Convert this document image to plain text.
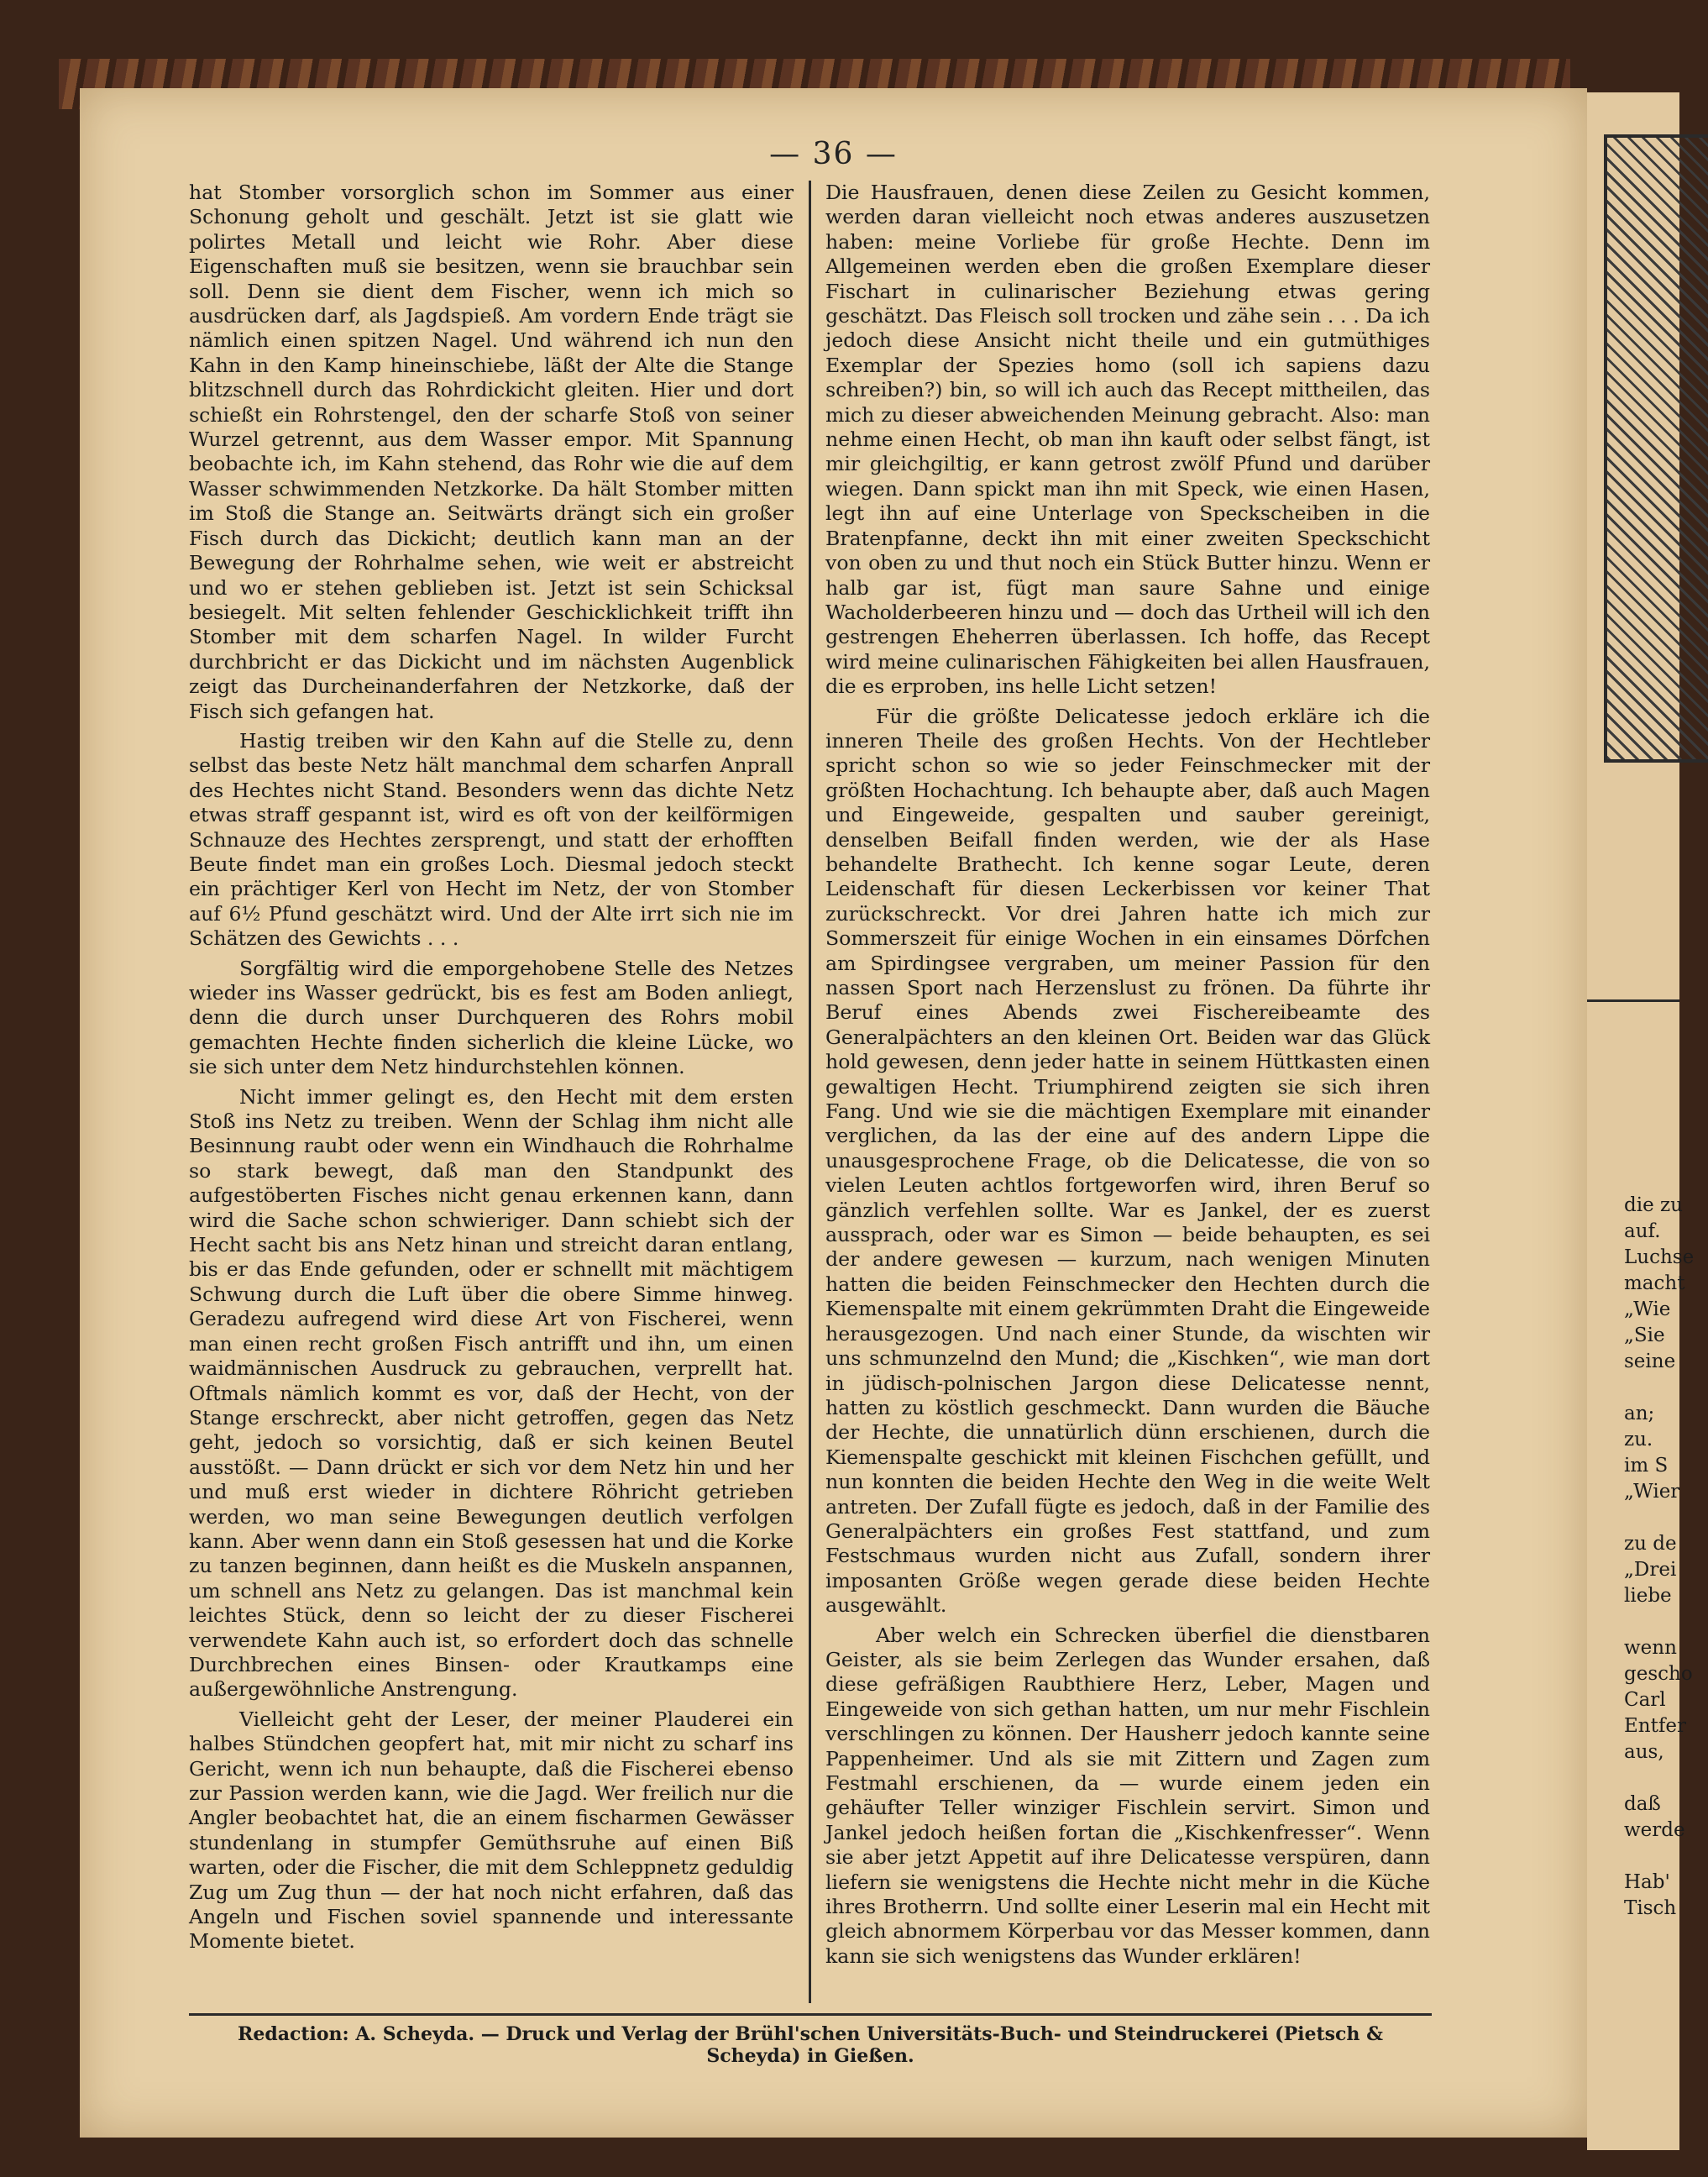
— 36 —

hat Stomber vorsorglich schon im Sommer aus einer Schonung geholt und geschält. Jetzt ist sie glatt wie polirtes Metall und leicht wie Rohr. Aber diese Eigenschaften muß sie besitzen, wenn sie brauchbar sein soll. Denn sie dient dem Fischer, wenn ich mich so ausdrücken darf, als Jagdspieß. Am vordern Ende trägt sie nämlich einen spitzen Nagel. Und während ich nun den Kahn in den Kamp hineinschiebe, läßt der Alte die Stange blitzschnell durch das Rohrdickicht gleiten. Hier und dort schießt ein Rohrstengel, den der scharfe Stoß von seiner Wurzel getrennt, aus dem Wasser empor. Mit Spannung beobachte ich, im Kahn stehend, das Rohr wie die auf dem Wasser schwimmenden Netzkorke. Da hält Stomber mitten im Stoß die Stange an. Seitwärts drängt sich ein großer Fisch durch das Dickicht; deutlich kann man an der Bewegung der Rohrhalme sehen, wie weit er abstreicht und wo er stehen geblieben ist. Jetzt ist sein Schicksal besiegelt. Mit selten fehlender Geschicklichkeit trifft ihn Stomber mit dem scharfen Nagel. In wilder Furcht durchbricht er das Dickicht und im nächsten Augenblick zeigt das Durcheinanderfahren der Netzkorke, daß der Fisch sich gefangen hat.

Hastig treiben wir den Kahn auf die Stelle zu, denn selbst das beste Netz hält manchmal dem scharfen Anprall des Hechtes nicht Stand. Besonders wenn das dichte Netz etwas straff gespannt ist, wird es oft von der keilförmigen Schnauze des Hechtes zersprengt, und statt der erhofften Beute findet man ein großes Loch. Diesmal jedoch steckt ein prächtiger Kerl von Hecht im Netz, der von Stomber auf 6½ Pfund geschätzt wird. Und der Alte irrt sich nie im Schätzen des Gewichts . . .

Sorgfältig wird die emporgehobene Stelle des Netzes wieder ins Wasser gedrückt, bis es fest am Boden anliegt, denn die durch unser Durchqueren des Rohrs mobil gemachten Hechte finden sicherlich die kleine Lücke, wo sie sich unter dem Netz hindurchstehlen können.

Nicht immer gelingt es, den Hecht mit dem ersten Stoß ins Netz zu treiben. Wenn der Schlag ihm nicht alle Besinnung raubt oder wenn ein Windhauch die Rohrhalme so stark bewegt, daß man den Standpunkt des aufgestöberten Fisches nicht genau erkennen kann, dann wird die Sache schon schwieriger. Dann schiebt sich der Hecht sacht bis ans Netz hinan und streicht daran entlang, bis er das Ende gefunden, oder er schnellt mit mächtigem Schwung durch die Luft über die obere Simme hinweg. Geradezu aufregend wird diese Art von Fischerei, wenn man einen recht großen Fisch antrifft und ihn, um einen waidmännischen Ausdruck zu gebrauchen, verprellt hat. Oftmals nämlich kommt es vor, daß der Hecht, von der Stange erschreckt, aber nicht getroffen, gegen das Netz geht, jedoch so vorsichtig, daß er sich keinen Beutel ausstößt. — Dann drückt er sich vor dem Netz hin und her und muß erst wieder in dichtere Röhricht getrieben werden, wo man seine Bewegungen deutlich verfolgen kann. Aber wenn dann ein Stoß gesessen hat und die Korke zu tanzen beginnen, dann heißt es die Muskeln anspannen, um schnell ans Netz zu gelangen. Das ist manchmal kein leichtes Stück, denn so leicht der zu dieser Fischerei verwendete Kahn auch ist, so erfordert doch das schnelle Durchbrechen eines Binsen- oder Krautkamps eine außergewöhnliche Anstrengung.

Vielleicht geht der Leser, der meiner Plauderei ein halbes Stündchen geopfert hat, mit mir nicht zu scharf ins Gericht, wenn ich nun behaupte, daß die Fischerei ebenso zur Passion werden kann, wie die Jagd. Wer freilich nur die Angler beobachtet hat, die an einem fischarmen Gewässer stundenlang in stumpfer Gemüthsruhe auf einen Biß warten, oder die Fischer, die mit dem Schleppnetz geduldig Zug um Zug thun — der hat noch nicht erfahren, daß das Angeln und Fischen soviel spannende und interessante Momente bietet.

Die Hausfrauen, denen diese Zeilen zu Gesicht kommen, werden daran vielleicht noch etwas anderes auszusetzen haben: meine Vorliebe für große Hechte. Denn im Allgemeinen werden eben die großen Exemplare dieser Fischart in culinarischer Beziehung etwas gering geschätzt. Das Fleisch soll trocken und zähe sein . . . Da ich jedoch diese Ansicht nicht theile und ein gutmüthiges Exemplar der Spezies homo (soll ich sapiens dazu schreiben?) bin, so will ich auch das Recept mittheilen, das mich zu dieser abweichenden Meinung gebracht. Also: man nehme einen Hecht, ob man ihn kauft oder selbst fängt, ist mir gleichgiltig, er kann getrost zwölf Pfund und darüber wiegen. Dann spickt man ihn mit Speck, wie einen Hasen, legt ihn auf eine Unterlage von Speckscheiben in die Bratenpfanne, deckt ihn mit einer zweiten Speckschicht von oben zu und thut noch ein Stück Butter hinzu. Wenn er halb gar ist, fügt man saure Sahne und einige Wacholderbeeren hinzu und — doch das Urtheil will ich den gestrengen Eheherren überlassen. Ich hoffe, das Recept wird meine culinarischen Fähigkeiten bei allen Hausfrauen, die es erproben, ins helle Licht setzen!

Für die größte Delicatesse jedoch erkläre ich die inneren Theile des großen Hechts. Von der Hechtleber spricht schon so wie so jeder Feinschmecker mit der größten Hochachtung. Ich behaupte aber, daß auch Magen und Eingeweide, gespalten und sauber gereinigt, denselben Beifall finden werden, wie der als Hase behandelte Brathecht. Ich kenne sogar Leute, deren Leidenschaft für diesen Leckerbissen vor keiner That zurückschreckt. Vor drei Jahren hatte ich mich zur Sommerszeit für einige Wochen in ein einsames Dörfchen am Spirdingsee vergraben, um meiner Passion für den nassen Sport nach Herzenslust zu frönen. Da führte ihr Beruf eines Abends zwei Fischereibeamte des Generalpächters an den kleinen Ort. Beiden war das Glück hold gewesen, denn jeder hatte in seinem Hüttkasten einen gewaltigen Hecht. Triumphirend zeigten sie sich ihren Fang. Und wie sie die mächtigen Exemplare mit einander verglichen, da las der eine auf des andern Lippe die unausgesprochene Frage, ob die Delicatesse, die von so vielen Leuten achtlos fortgeworfen wird, ihren Beruf so gänzlich verfehlen sollte. War es Jankel, der es zuerst aussprach, oder war es Simon — beide behaupten, es sei der andere gewesen — kurzum, nach wenigen Minuten hatten die beiden Feinschmecker den Hechten durch die Kiemenspalte mit einem gekrümmten Draht die Eingeweide herausgezogen. Und nach einer Stunde, da wischten wir uns schmunzelnd den Mund; die „Kischken“, wie man dort in jüdisch-polnischen Jargon diese Delicatesse nennt, hatten zu köstlich geschmeckt. Dann wurden die Bäuche der Hechte, die unnatürlich dünn erschienen, durch die Kiemenspalte geschickt mit kleinen Fischchen gefüllt, und nun konnten die beiden Hechte den Weg in die weite Welt antreten. Der Zufall fügte es jedoch, daß in der Familie des Generalpächters ein großes Fest stattfand, und zum Festschmaus wurden nicht aus Zufall, sondern ihrer imposanten Größe wegen gerade diese beiden Hechte ausgewählt.

Aber welch ein Schrecken überfiel die dienstbaren Geister, als sie beim Zerlegen das Wunder ersahen, daß diese gefräßigen Raubthiere Herz, Leber, Magen und Eingeweide von sich gethan hatten, um nur mehr Fischlein verschlingen zu können. Der Hausherr jedoch kannte seine Pappenheimer. Und als sie mit Zittern und Zagen zum Festmahl erschienen, da — wurde einem jeden ein gehäufter Teller winziger Fischlein servirt. Simon und Jankel jedoch heißen fortan die „Kischkenfresser“. Wenn sie aber jetzt Appetit auf ihre Delicatesse verspüren, dann liefern sie wenigstens die Hechte nicht mehr in die Küche ihres Brotherrn. Und sollte einer Leserin mal ein Hecht mit gleich abnormem Körperbau vor das Messer kommen, dann kann sie sich wenigstens das Wunder erklären!

Redaction: A. Scheyda. — Druck und Verlag der Brühl'schen Universitäts-Buch- und Steindruckerei (Pietsch & Scheyda) in Gießen.
die zu
auf.
Luchse
macht
„Wie
„Sie
seine
an;
zu.
im S
„Wier
zu de
„Drei
liebe
wenn
gescho
Carl
Entfer
aus,
daß
werde
Hab'
Tisch
